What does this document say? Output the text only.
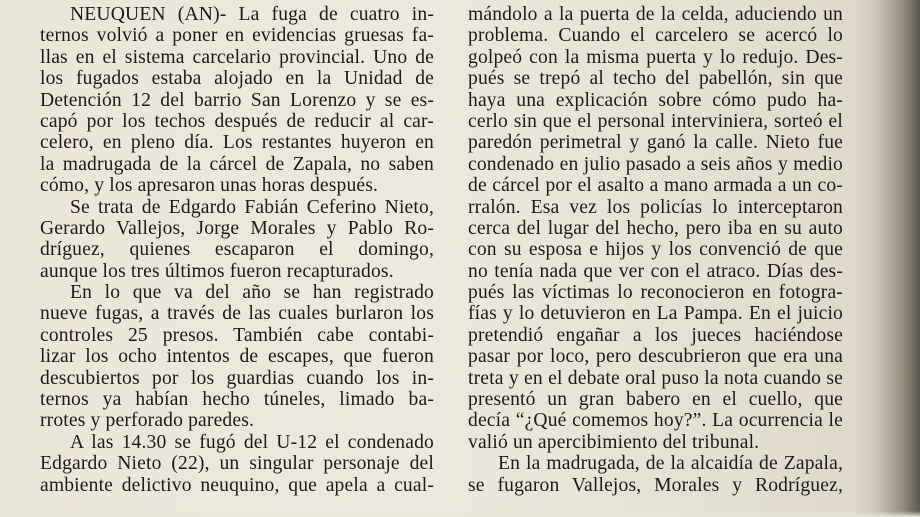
NEUQUEN (AN)- La fuga de cuatro in-
ternos volvió a poner en evidencias gruesas fa-
llas en el sistema carcelario provincial. Uno de
los fugados estaba alojado en la Unidad de
Detención 12 del barrio San Lorenzo y se es-
capó por los techos después de reducir al car-
celero, en pleno día. Los restantes huyeron en
la madrugada de la cárcel de Zapala, no saben
cómo, y los apresaron unas horas después.
Se trata de Edgardo Fabián Ceferino Nieto,
Gerardo Vallejos, Jorge Morales y Pablo Ro-
dríguez, quienes escaparon el domingo,
aunque los tres últimos fueron recapturados.
En lo que va del año se han registrado
nueve fugas, a través de las cuales burlaron los
controles 25 presos. También cabe contabi-
lizar los ocho intentos de escapes, que fueron
descubiertos por los guardias cuando los in-
ternos ya habían hecho túneles, limado ba-
rrotes y perforado paredes.
A las 14.30 se fugó del U-12 el condenado
Edgardo Nieto (22), un singular personaje del
ambiente delictivo neuquino, que apela a cual-
mándolo a la puerta de la celda, aduciendo un
problema. Cuando el carcelero se acercó lo
golpeó con la misma puerta y lo redujo. Des-
pués se trepó al techo del pabellón, sin que
haya una explicación sobre cómo pudo ha-
cerlo sin que el personal interviniera, sorteó el
paredón perimetral y ganó la calle. Nieto fue
condenado en julio pasado a seis años y medio
de cárcel por el asalto a mano armada a un co-
rralón. Esa vez los policías lo interceptaron
cerca del lugar del hecho, pero iba en su auto
con su esposa e hijos y los convenció de que
no tenía nada que ver con el atraco. Días des-
pués las víctimas lo reconocieron en fotogra-
fías y lo detuvieron en La Pampa. En el juicio
pretendió engañar a los jueces haciéndose
pasar por loco, pero descubrieron que era una
treta y en el debate oral puso la nota cuando se
presentó un gran babero en el cuello, que
decía “¿Qué comemos hoy?”. La ocurrencia le
valió un apercibimiento del tribunal.
En la madrugada, de la alcaidía de Zapala,
se fugaron Vallejos, Morales y Rodríguez,
